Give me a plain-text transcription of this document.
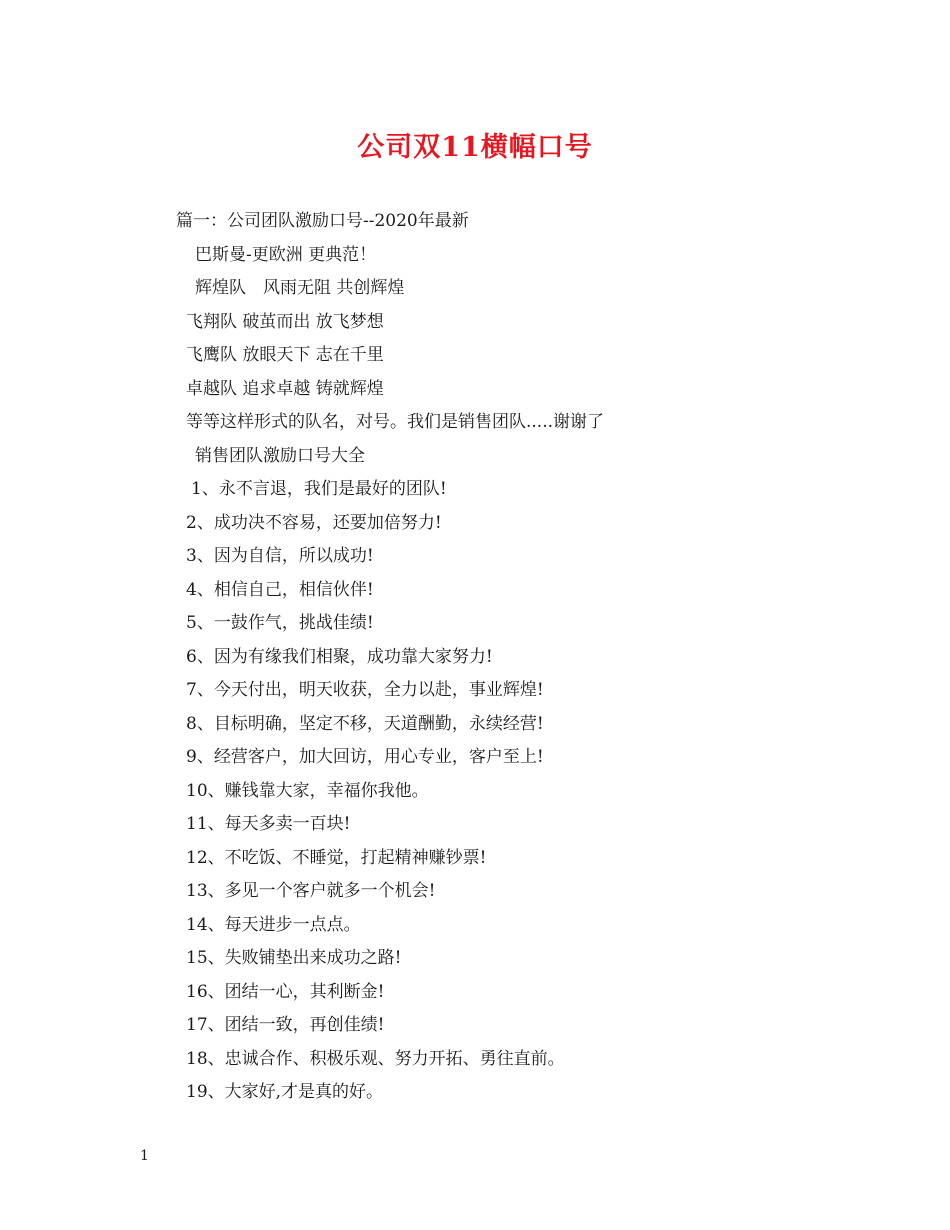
公司双11横幅口号
篇一：公司团队激励口号--2020年最新
巴斯曼-更欧洲 更典范！
辉煌队　风雨无阻 共创辉煌
飞翔队 破茧而出 放飞梦想
飞鹰队 放眼天下 志在千里
卓越队 追求卓越 铸就辉煌
等等这样形式的队名，对号。我们是销售团队.....谢谢了
销售团队激励口号大全
1、永不言退，我们是最好的团队!
2、成功决不容易，还要加倍努力!
3、因为自信，所以成功!
4、相信自己，相信伙伴!
5、一鼓作气，挑战佳绩!
6、因为有缘我们相聚，成功靠大家努力!
7、今天付出，明天收获，全力以赴，事业辉煌!
8、目标明确，坚定不移，天道酬勤，永续经营!
9、经营客户，加大回访，用心专业，客户至上!
10、赚钱靠大家，幸福你我他。
11、每天多卖一百块!
12、不吃饭、不睡觉，打起精神赚钞票!
13、多见一个客户就多一个机会!
14、每天进步一点点。
15、失败铺垫出来成功之路!
16、团结一心，其利断金!
17、团结一致，再创佳绩!
18、忠诚合作、积极乐观、努力开拓、勇往直前。
19、大家好,才是真的好。
1
